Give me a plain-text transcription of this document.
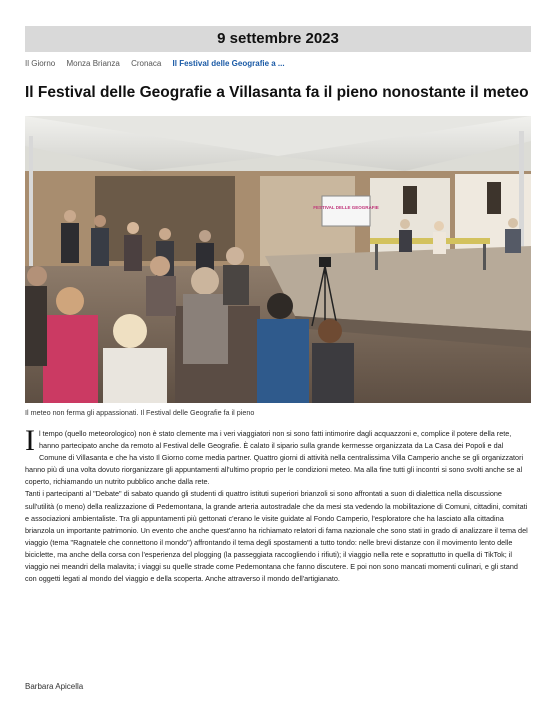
9 settembre 2023
Il Giorno Monza Brianza Cronaca Il Festival delle Geografie a ...
Il Festival delle Geografie a Villasanta fa il pieno nonostante il meteo
FESTIVAL DELLE GEOGRAFIE
Il meteo non ferma gli appassionati. Il Festival delle Geografie fa il pieno

Il tempo (quello meteorologico) non è stato clemente ma i veri viaggiatori non si sono fatti intimorire dagli acquazzoni e, complice il potere della rete, hanno partecipato anche da remoto al Festival delle Geografie. È calato il sipario sulla grande kermesse organizzata da La Casa dei Popoli e dal Comune di Villasanta e che ha visto Il Giorno come media partner. Quattro giorni di attività nella centralissima Villa Camperio anche se gli organizzatori hanno più di una volta dovuto riorganizzare gli appuntamenti all'ultimo proprio per le condizioni meteo. Ma alla fine tutti gli incontri si sono svolti anche se al coperto, richiamando un nutrito pubblico anche dalla rete.

Tanti i partecipanti al "Debate" di sabato quando gli studenti di quattro istituti superiori brianzoli si sono affrontati a suon di dialettica nella discussione sull'utilità (o meno) della realizzazione di Pedemontana, la grande arteria autostradale che da mesi sta vedendo la mobilitazione di Comuni, cittadini, comitati e associazioni ambientaliste. Tra gli appuntamenti più gettonati c'erano le visite guidate al Fondo Camperio, l'esploratore che ha lasciato alla cittadina brianzola un importante patrimonio. Un evento che anche quest'anno ha richiamato relatori di fama nazionale che sono stati in grado di analizzare il tema del viaggio (tema "Ragnatele che connettono il mondo") affrontando il tema degli spostamenti a tutto tondo: nelle brevi distanze con il movimento lento delle biciclette, ma anche della corsa con l'esperienza del plogging (la passeggiata raccogliendo i rifiuti); il viaggio nella rete e soprattutto in quella di TikTok; il viaggio nei meandri della malavita; i viaggi su quelle strade come Pedemontana che fanno discutere. E poi non sono mancati momenti culinari, e gli stand con oggetti legati al mondo del viaggio e della scoperta. Anche attraverso il mondo dell'artigianato.

Barbara Apicella
